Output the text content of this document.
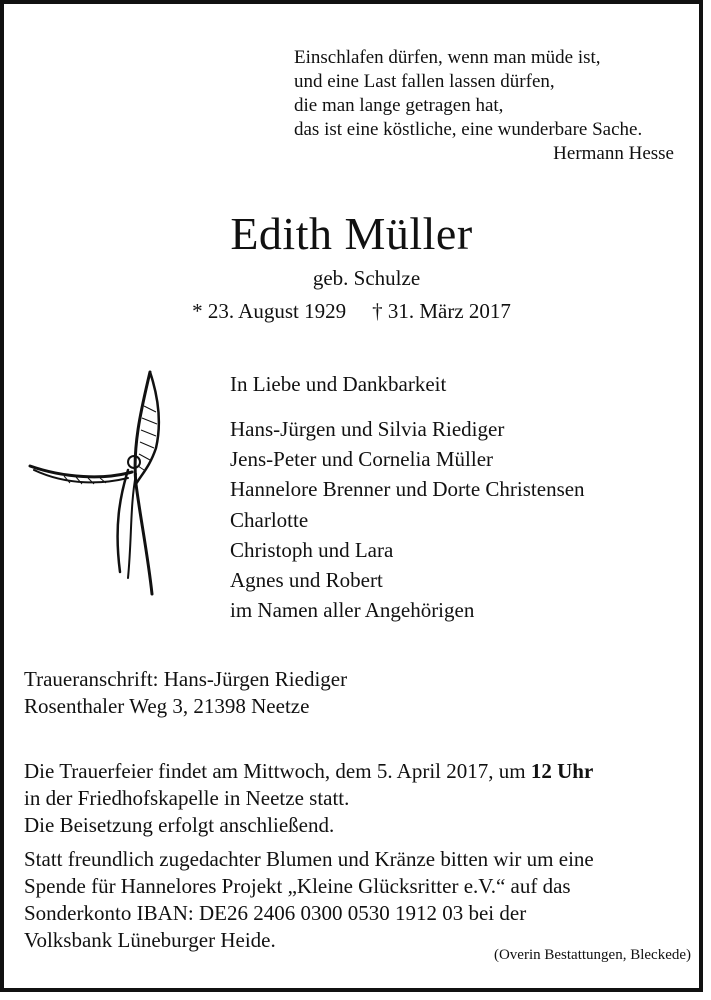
Einschlafen dürfen, wenn man müde ist,
und eine Last fallen lassen dürfen,
die man lange getragen hat,
das ist eine köstliche, eine wunderbare Sache.
Hermann Hesse
Edith Müller
geb. Schulze
* 23. August 1929 † 31. März 2017
In Liebe und Dankbarkeit
Hans-Jürgen und Silvia Riediger
Jens-Peter und Cornelia Müller
Hannelore Brenner und Dorte Christensen
Charlotte
Christoph und Lara
Agnes und Robert
im Namen aller Angehörigen
Traueranschrift: Hans-Jürgen Riediger
Rosenthaler Weg 3, 21398 Neetze
Die Trauerfeier findet am Mittwoch, dem 5. April 2017, um 12 Uhr
in der Friedhofskapelle in Neetze statt.
Die Beisetzung erfolgt anschließend.
Statt freundlich zugedachter Blumen und Kränze bitten wir um eine
Spende für Hannelores Projekt „Kleine Glücksritter e.V.“ auf das
Sonderkonto IBAN: DE26 2406 0300 0530 1912 03 bei der
Volksbank Lüneburger Heide.
(Overin Bestattungen, Bleckede)
